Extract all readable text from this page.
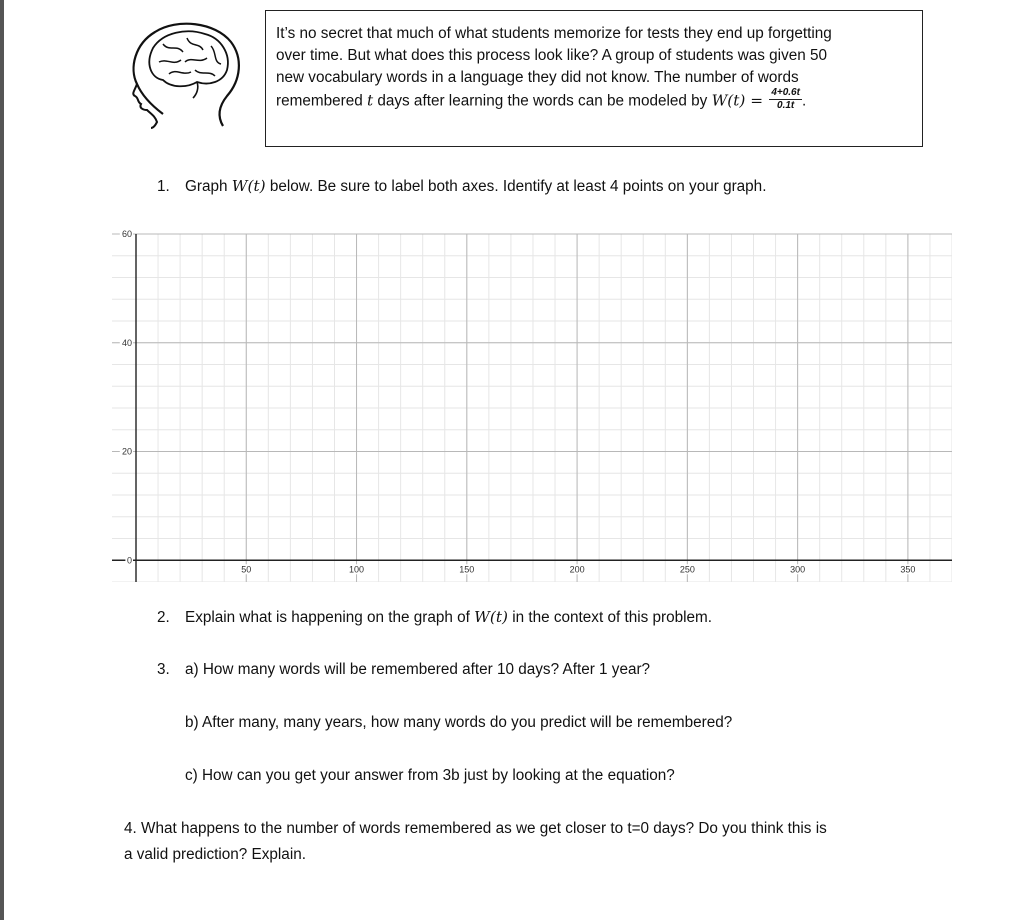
It’s no secret that much of what students memorize for tests they end up forgetting
over time. But what does this process look like? A group of students was given 50
new vocabulary words in a language they did not know. The number of words
remembered t days after learning the words can be modeled by $W(t) = \frac{4+0.6t}{0.1t}$ .
1. Graph W(t) below. Be sure to label both axes. Identify at least 4 points on your graph.
50	100	150	200	250	300	350
0
20
40
60
2. Explain what is happening on the graph of W(t) in the context of this problem.
3. a) How many words will be remembered after 10 days? After 1 year?
b) After many, many years, how many words do you predict will be remembered?
c) How can you get your answer from 3b just by looking at the equation?
4. What happens to the number of words remembered as we get closer to t=0 days? Do you think this is
a valid prediction? Explain.
